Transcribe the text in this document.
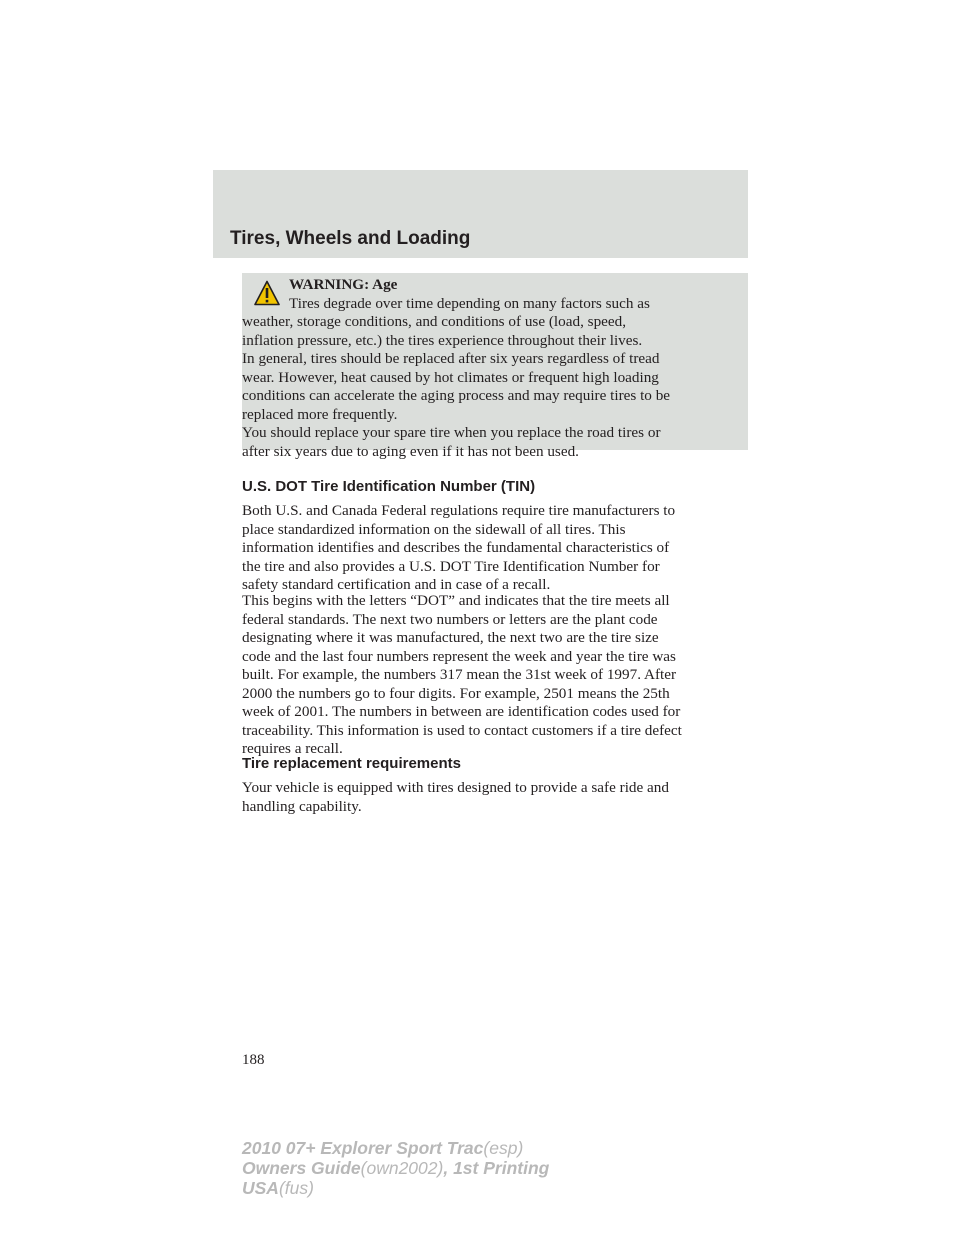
Tires, Wheels and Loading
WARNING: Age
Tires degrade over time depending on many factors such as
weather, storage conditions, and conditions of use (load, speed,
inflation pressure, etc.) the tires experience throughout their lives.
In general, tires should be replaced after six years regardless of tread
wear. However, heat caused by hot climates or frequent high loading
conditions can accelerate the aging process and may require tires to be
replaced more frequently.
You should replace your spare tire when you replace the road tires or
after six years due to aging even if it has not been used.
U.S. DOT Tire Identification Number (TIN)

Both U.S. and Canada Federal regulations require tire manufacturers to
place standardized information on the sidewall of all tires. This
information identifies and describes the fundamental characteristics of
the tire and also provides a U.S. DOT Tire Identification Number for
safety standard certification and in case of a recall.

This begins with the letters “DOT” and indicates that the tire meets all
federal standards. The next two numbers or letters are the plant code
designating where it was manufactured, the next two are the tire size
code and the last four numbers represent the week and year the tire was
built. For example, the numbers 317 mean the 31st week of 1997. After
2000 the numbers go to four digits. For example, 2501 means the 25th
week of 2001. The numbers in between are identification codes used for
traceability. This information is used to contact customers if a tire defect
requires a recall.

Tire replacement requirements

Your vehicle is equipped with tires designed to provide a safe ride and
handling capability.

188
2010 07+ Explorer Sport Trac(esp)
Owners Guide(own2002), 1st Printing
USA(fus)
